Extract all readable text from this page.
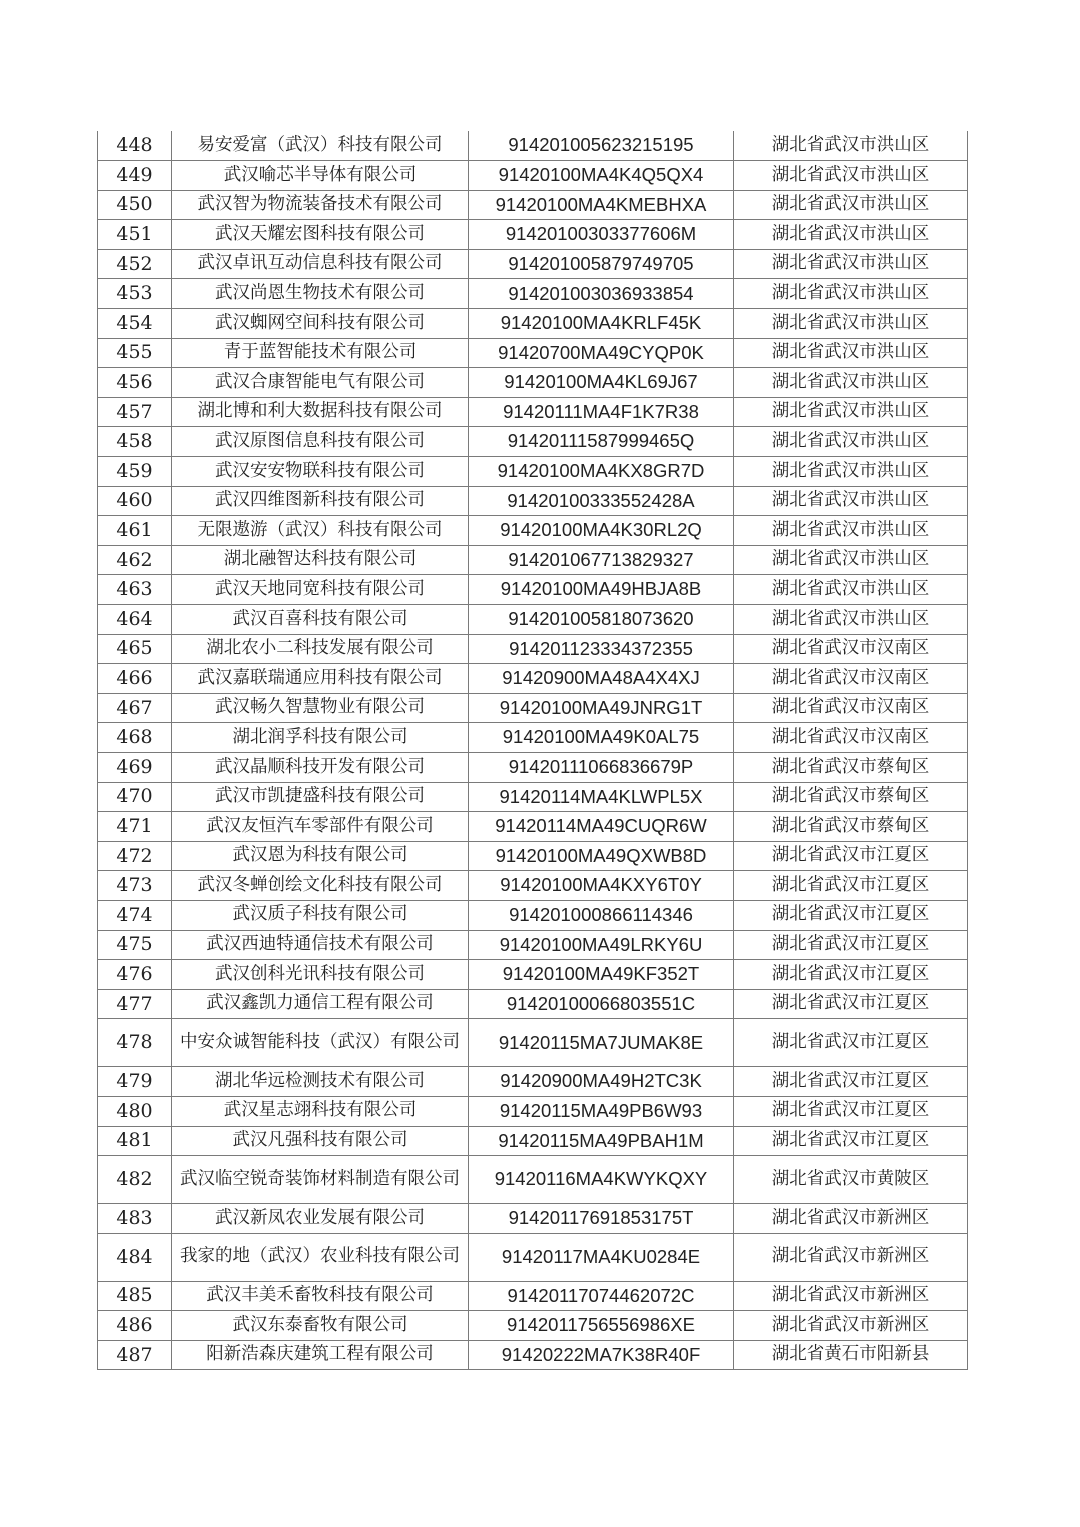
448	易安爱富（武汉）科技有限公司	914201005623215195	湖北省武汉市洪山区
449	武汉喻芯半导体有限公司	91420100MA4K4Q5QX4	湖北省武汉市洪山区
450	武汉智为物流装备技术有限公司	91420100MA4KMEBHXA	湖北省武汉市洪山区
451	武汉天耀宏图科技有限公司	91420100303377606M	湖北省武汉市洪山区
452	武汉卓讯互动信息科技有限公司	914201005879749705	湖北省武汉市洪山区
453	武汉尚恩生物技术有限公司	914201003036933854	湖北省武汉市洪山区
454	武汉蜘网空间科技有限公司	91420100MA4KRLF45K	湖北省武汉市洪山区
455	青于蓝智能技术有限公司	91420700MA49CYQP0K	湖北省武汉市洪山区
456	武汉合康智能电气有限公司	91420100MA4KL69J67	湖北省武汉市洪山区
457	湖北博和利大数据科技有限公司	91420111MA4F1K7R38	湖北省武汉市洪山区
458	武汉原图信息科技有限公司	91420111587999465Q	湖北省武汉市洪山区
459	武汉安安物联科技有限公司	91420100MA4KX8GR7D	湖北省武汉市洪山区
460	武汉四维图新科技有限公司	91420100333552428A	湖北省武汉市洪山区
461	无限遨游（武汉）科技有限公司	91420100MA4K30RL2Q	湖北省武汉市洪山区
462	湖北融智达科技有限公司	914201067713829327	湖北省武汉市洪山区
463	武汉天地同宽科技有限公司	91420100MA49HBJA8B	湖北省武汉市洪山区
464	武汉百喜科技有限公司	914201005818073620	湖北省武汉市洪山区
465	湖北农小二科技发展有限公司	914201123334372355	湖北省武汉市汉南区
466	武汉嘉联瑞通应用科技有限公司	91420900MA48A4X4XJ	湖北省武汉市汉南区
467	武汉畅久智慧物业有限公司	91420100MA49JNRG1T	湖北省武汉市汉南区
468	湖北润孚科技有限公司	91420100MA49K0AL75	湖北省武汉市汉南区
469	武汉晶顺科技开发有限公司	91420111066836679P	湖北省武汉市蔡甸区
470	武汉市凯捷盛科技有限公司	91420114MA4KLWPL5X	湖北省武汉市蔡甸区
471	武汉友恒汽车零部件有限公司	91420114MA49CUQR6W	湖北省武汉市蔡甸区
472	武汉恩为科技有限公司	91420100MA49QXWB8D	湖北省武汉市江夏区
473	武汉冬蝉创绘文化科技有限公司	91420100MA4KXY6T0Y	湖北省武汉市江夏区
474	武汉质子科技有限公司	914201000866114346	湖北省武汉市江夏区
475	武汉西迪特通信技术有限公司	91420100MA49LRKY6U	湖北省武汉市江夏区
476	武汉创科光讯科技有限公司	91420100MA49KF352T	湖北省武汉市江夏区
477	武汉鑫凯力通信工程有限公司	91420100066803551C	湖北省武汉市江夏区
478	中安众诚智能科技（武汉）有限公司	91420115MA7JUMAK8E	湖北省武汉市江夏区
479	湖北华远检测技术有限公司	91420900MA49H2TC3K	湖北省武汉市江夏区
480	武汉星志翊科技有限公司	91420115MA49PB6W93	湖北省武汉市江夏区
481	武汉凡强科技有限公司	91420115MA49PBAH1M	湖北省武汉市江夏区
482	武汉临空锐奇装饰材料制造有限公司	91420116MA4KWYKQXY	湖北省武汉市黄陂区
483	武汉新凤农业发展有限公司	91420117691853175T	湖北省武汉市新洲区
484	我家的地（武汉）农业科技有限公司	91420117MA4KU0284E	湖北省武汉市新洲区
485	武汉丰美禾畜牧科技有限公司	91420117074462072C	湖北省武汉市新洲区
486	武汉东泰畜牧有限公司	9142011756556986XE	湖北省武汉市新洲区
487	阳新浩森庆建筑工程有限公司	91420222MA7K38R40F	湖北省黄石市阳新县
